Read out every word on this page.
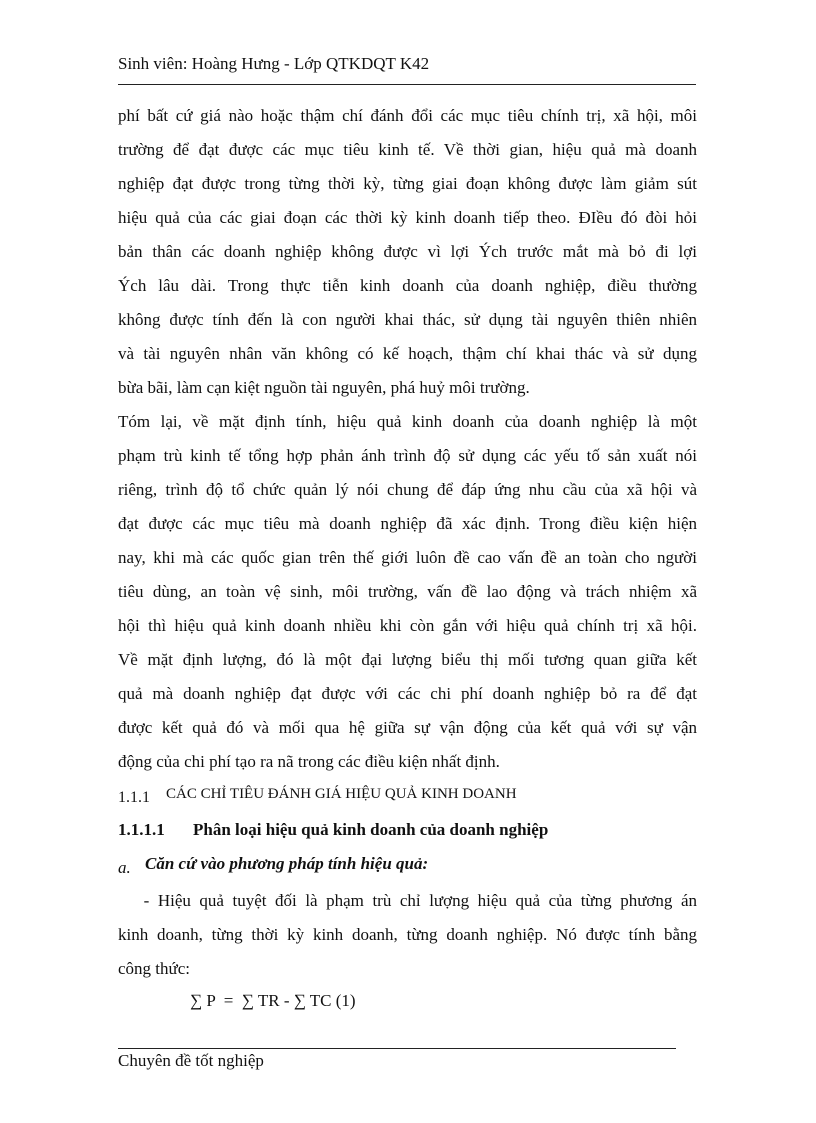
Sinh viên: Hoàng Hưng - Lớp QTKDQT K42
phí bất cứ giá nào hoặc thậm chí đánh đổi các mục tiêu chính trị, xã hội, môi
trường để đạt được các mục tiêu kinh tế. Về thời gian, hiệu quả mà doanh
nghiệp đạt được trong từng thời kỳ, từng giai đoạn không được làm giảm sút
hiệu quả của các giai đoạn các thời kỳ kinh doanh tiếp theo. ĐIều đó đòi hỏi
bản thân các doanh nghiệp không được vì lợi Ých trước mắt mà bỏ đi lợi
Ých lâu dài. Trong thực tiễn kinh doanh của doanh nghiệp, điều thường
không được tính đến là con người khai thác, sử dụng tài nguyên thiên nhiên
và tài nguyên nhân văn không có kế hoạch, thậm chí khai thác và sử dụng
bừa bãi, làm cạn kiệt nguồn tài nguyên, phá huỷ môi trường.
Tóm lại, về mặt định tính, hiệu quả kinh doanh của doanh nghiệp là một
phạm trù kinh tế tổng hợp phản ánh trình độ sử dụng các yếu tố sản xuất nói
riêng, trình độ tổ chức quản lý nói chung để đáp ứng nhu cầu của xã hội và
đạt được các mục tiêu mà doanh nghiệp đã xác định. Trong điều kiện hiện
nay, khi mà các quốc gian trên thế giới luôn đề cao vấn đề an toàn cho người
tiêu dùng, an toàn vệ sinh, môi trường, vấn đề lao động và trách nhiệm xã
hội thì hiệu quả kinh doanh nhiều khi còn gắn với hiệu quả chính trị xã hội.
Về mặt định lượng, đó là một đại lượng biểu thị mối tương quan giữa kết
quả mà doanh nghiệp đạt được với các chi phí doanh nghiệp bỏ ra để đạt
được kết quả đó và mối qua hệ giữa sự vận động của kết quả với sự vận
động của chi phí tạo ra nã trong các điều kiện nhất định.
1.1.1 CÁC CHỈ TIÊU ĐÁNH GIÁ HIỆU QUẢ KINH DOANH
1.1.1.1 Phân loại hiệu quả kinh doanh của doanh nghiệp
a. Căn cứ vào phương pháp tính hiệu quả:
- Hiệu quả tuyệt đối là phạm trù chỉ lượng hiệu quả của từng phương án
kinh doanh, từng thời kỳ kinh doanh, từng doanh nghiệp. Nó được tính bằng
công thức:
∑ P  =  ∑ TR - ∑ TC (1)
Chuyên đề tốt nghiệp
